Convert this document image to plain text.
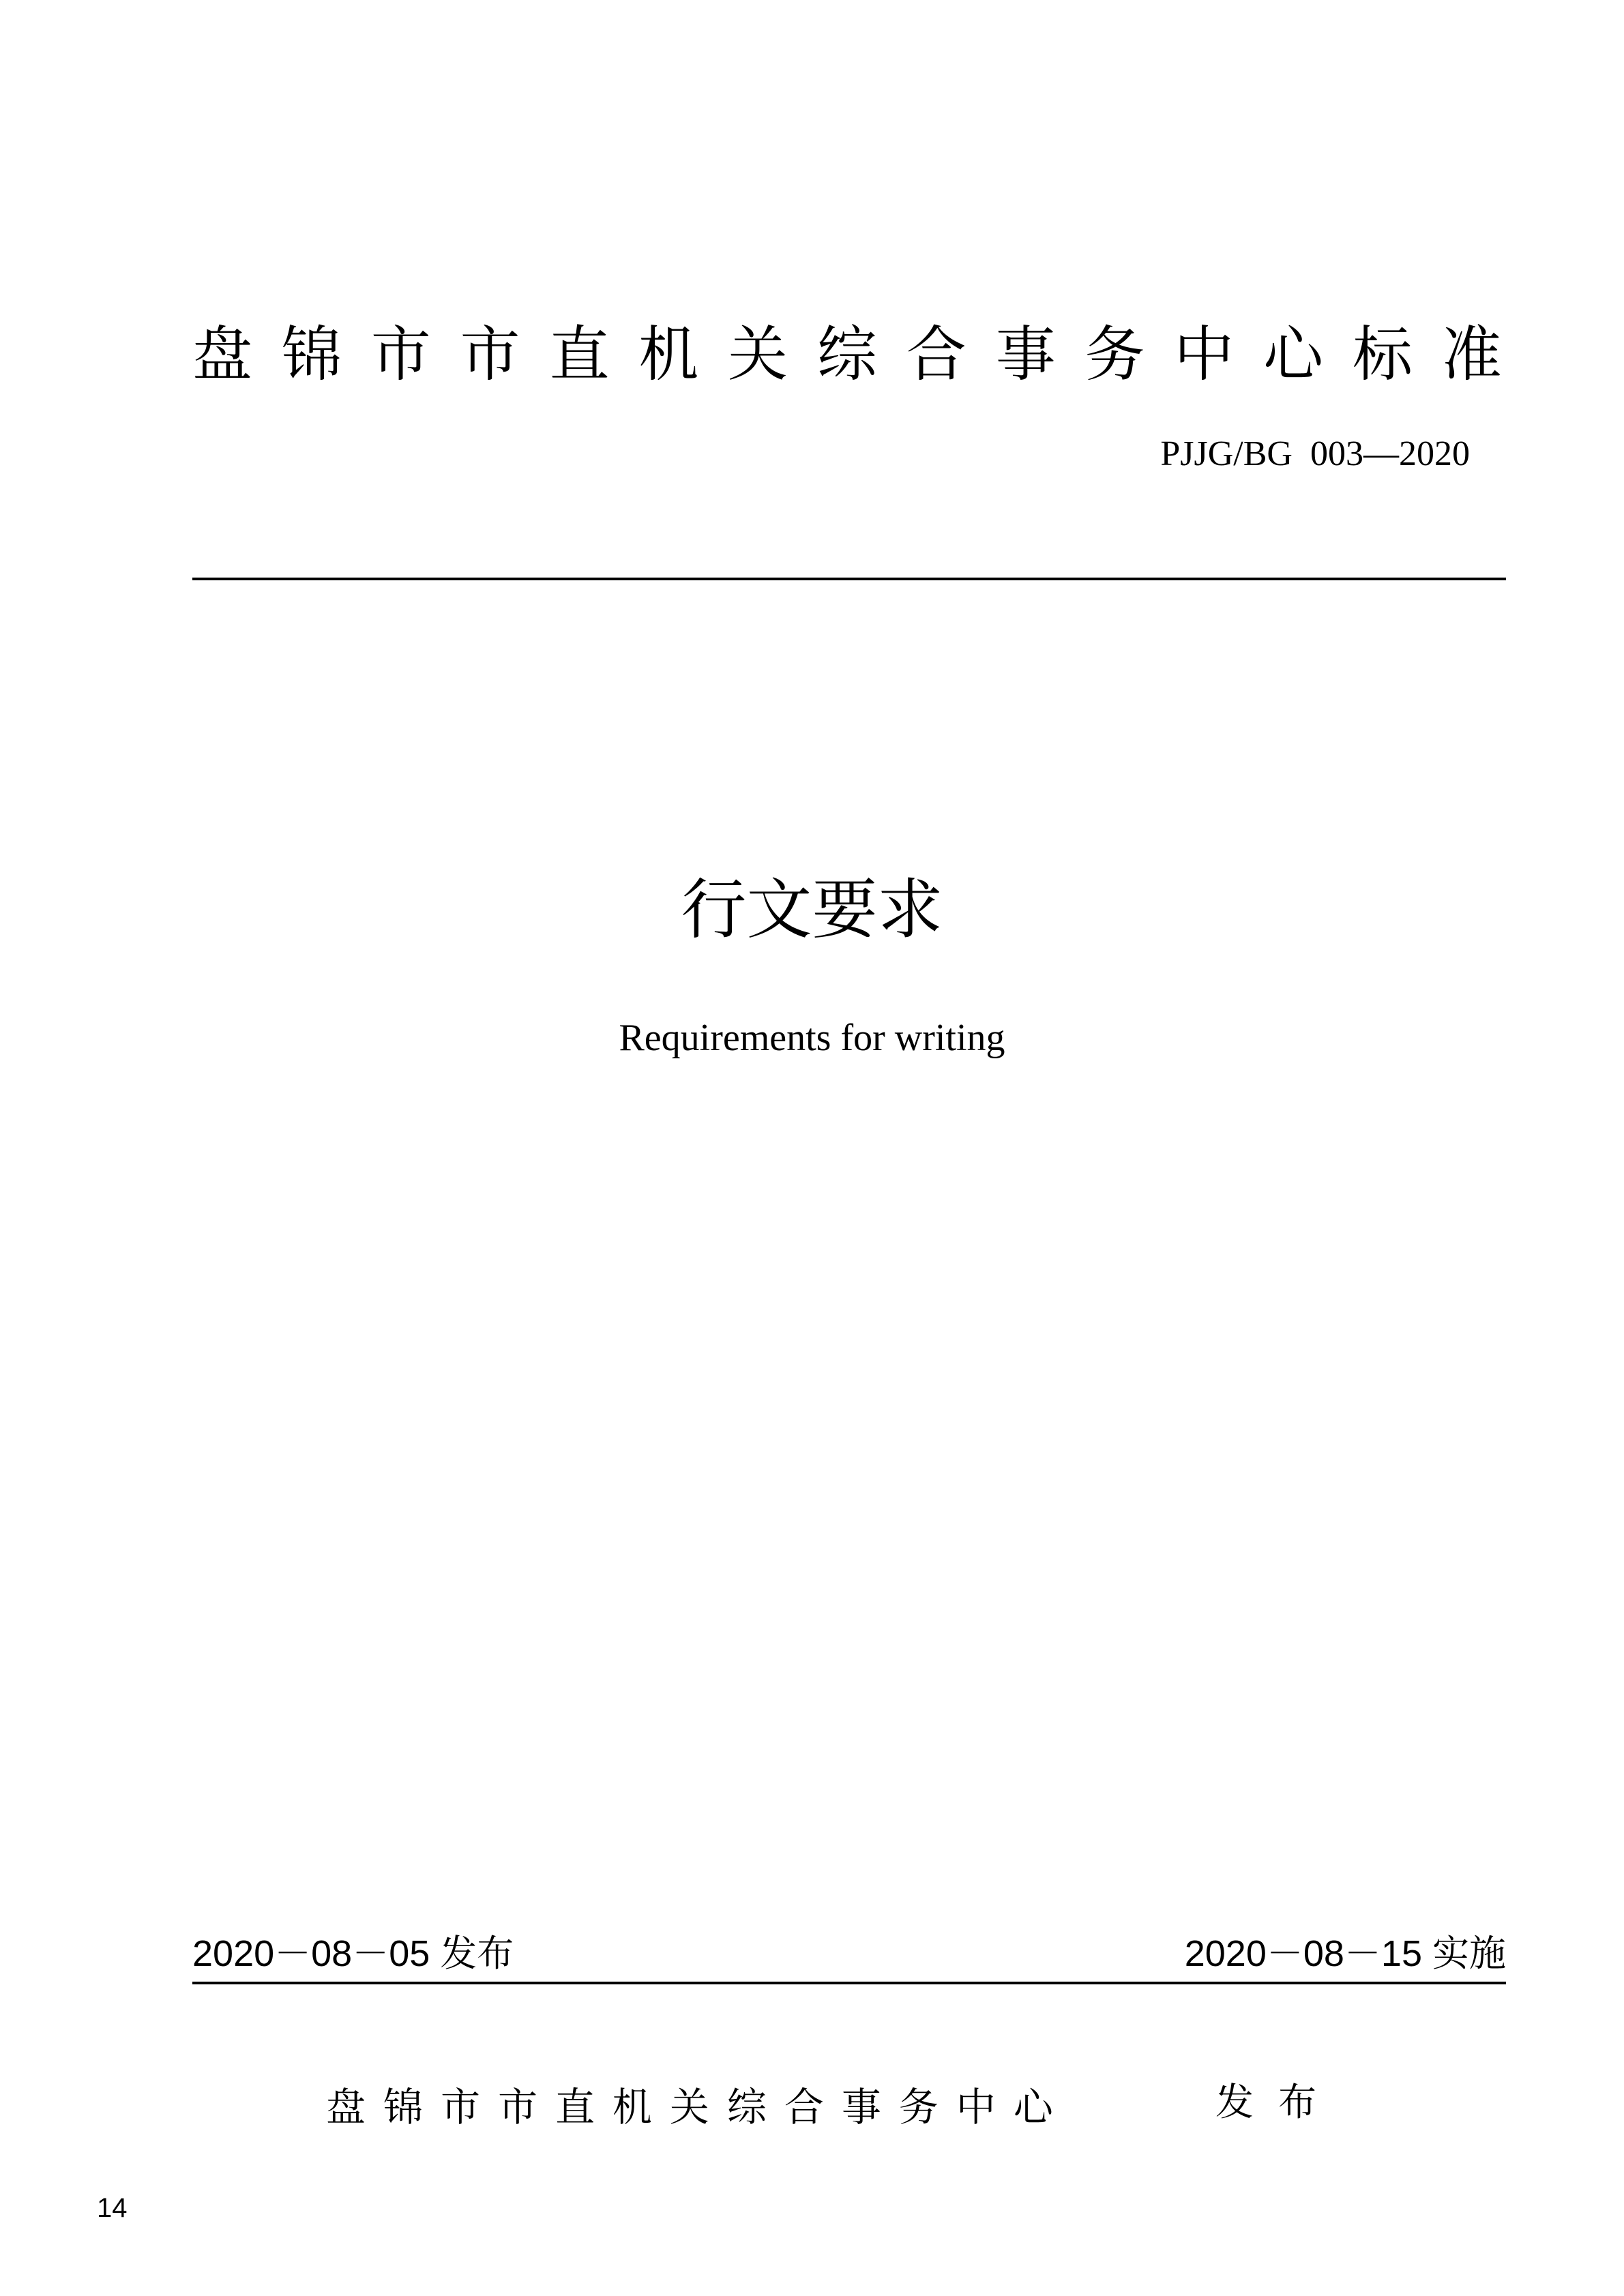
盘 锦 市 市 直 机 关 综 合 事 务 中 心 标 准
PJJG/BG  003—2020
行文要求
Requirements for writing
2020－08－05 发布	2020－08－15 实施
盘 锦 市 市 直 机 关 综 合 事 务 中 心	发 布
14
